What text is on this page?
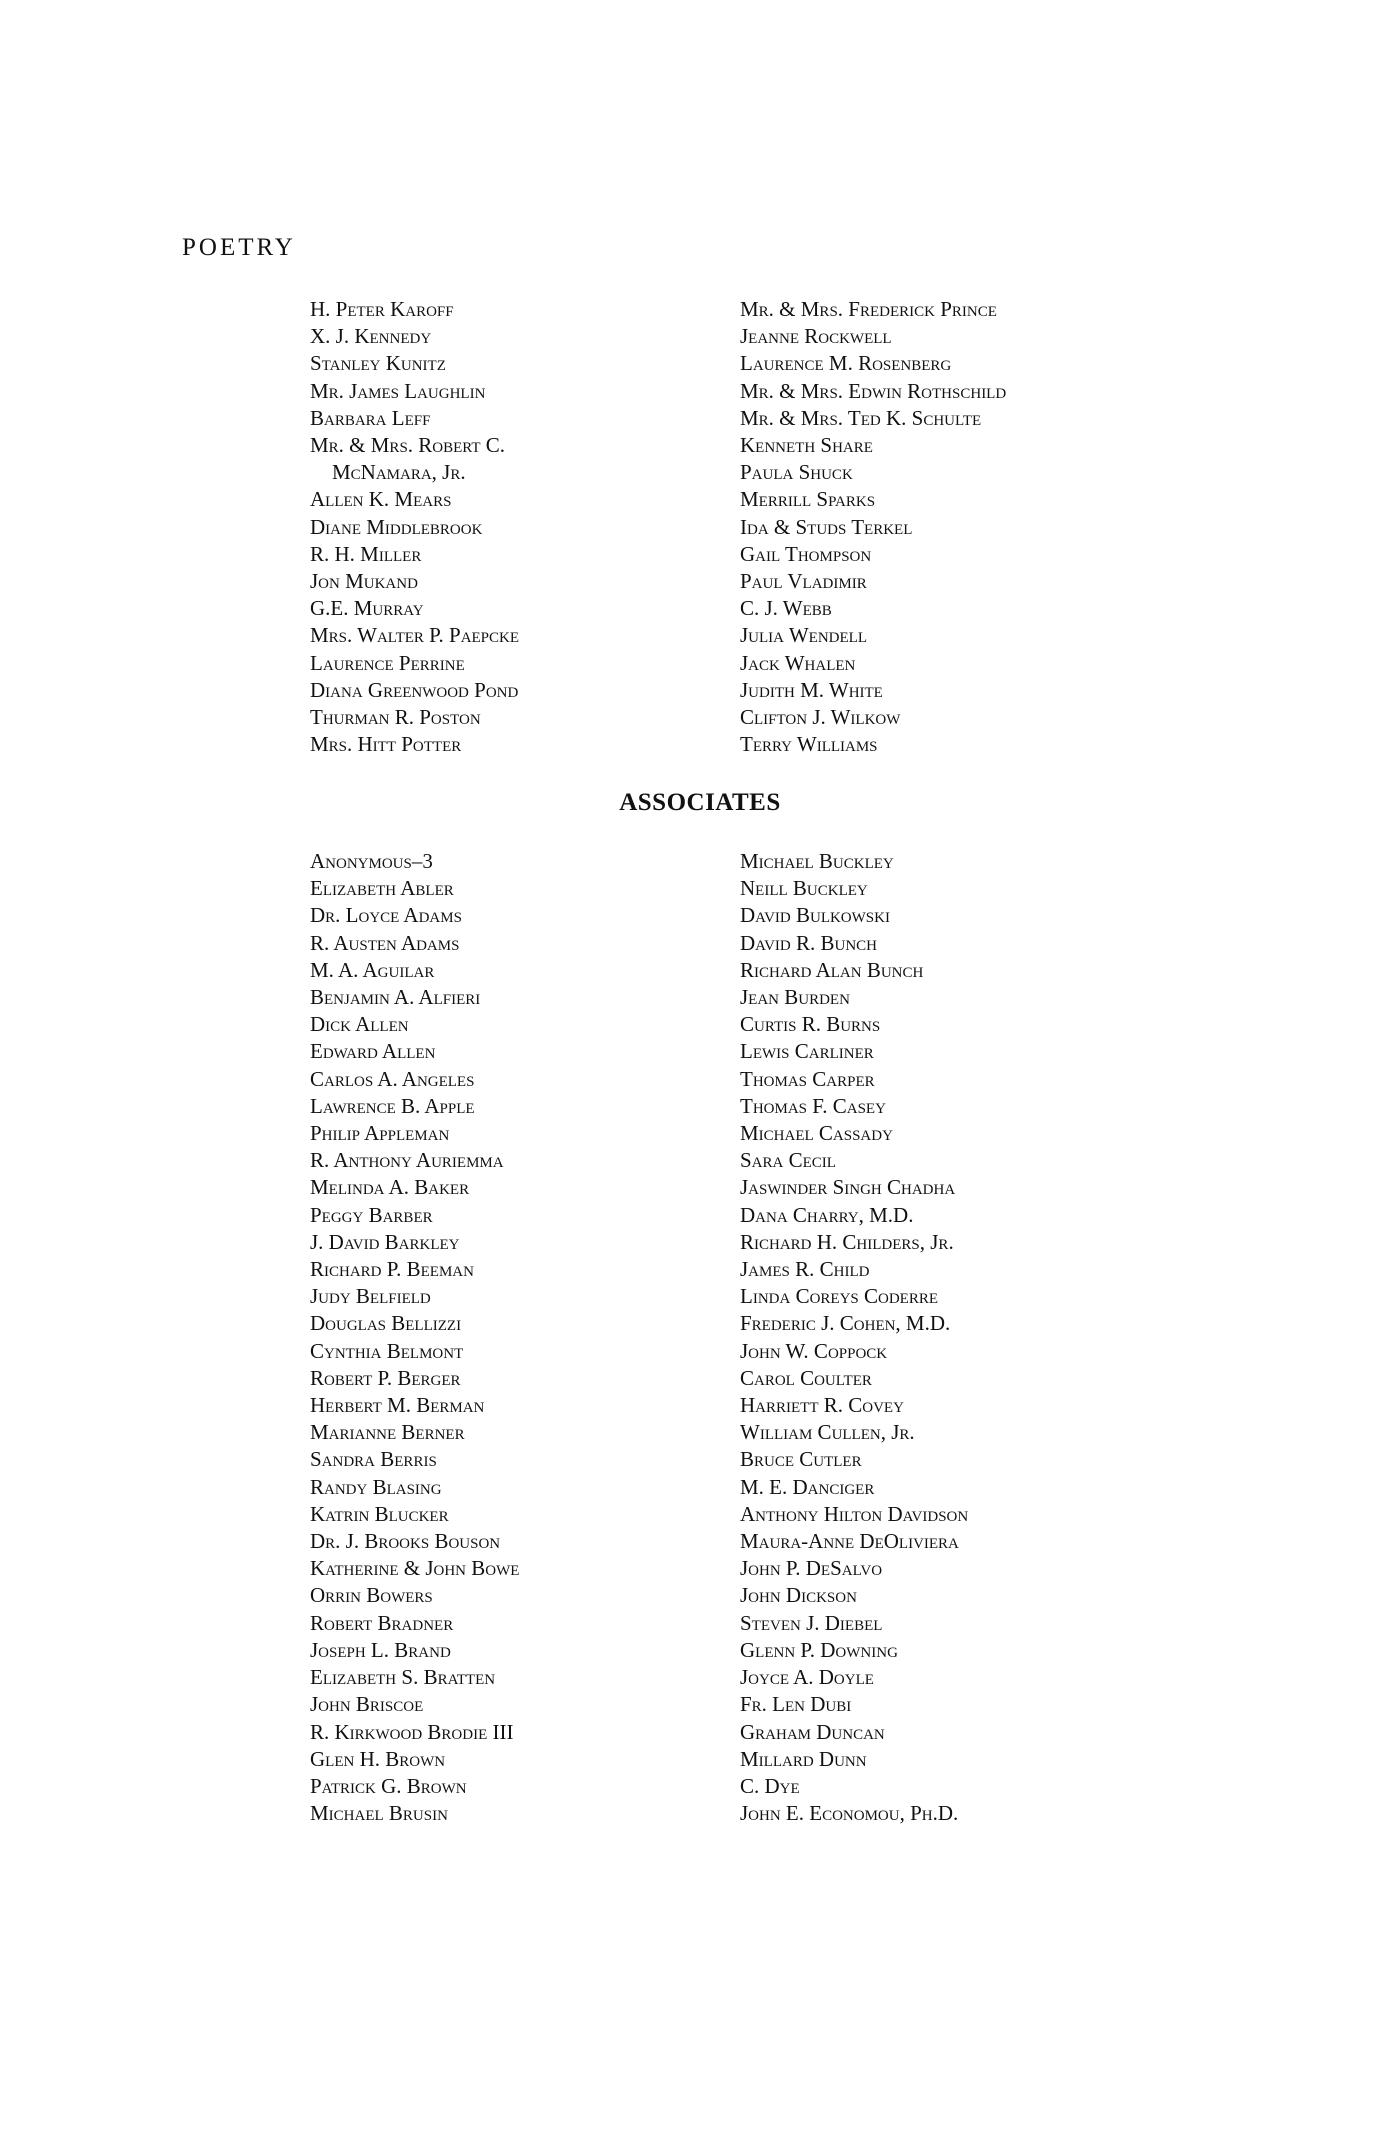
POETRY

H. Peter Karoff
X. J. Kennedy
Stanley Kunitz
Mr. James Laughlin
Barbara Leff
Mr. & Mrs. Robert C.
McNamara, Jr.
Allen K. Mears
Diane Middlebrook
R. H. Miller
Jon Mukand
G.E. Murray
Mrs. Walter P. Paepcke
Laurence Perrine
Diana Greenwood Pond
Thurman R. Poston
Mrs. Hitt Potter
Mr. & Mrs. Frederick Prince
Jeanne Rockwell
Laurence M. Rosenberg
Mr. & Mrs. Edwin Rothschild
Mr. & Mrs. Ted K. Schulte
Kenneth Share
Paula Shuck
Merrill Sparks
Ida & Studs Terkel
Gail Thompson
Paul Vladimir
C. J. Webb
Julia Wendell
Jack Whalen
Judith M. White
Clifton J. Wilkow
Terry Williams
ASSOCIATES
Anonymous–3
Elizabeth Abler
Dr. Loyce Adams
R. Austen Adams
M. A. Aguilar
Benjamin A. Alfieri
Dick Allen
Edward Allen
Carlos A. Angeles
Lawrence B. Apple
Philip Appleman
R. Anthony Auriemma
Melinda A. Baker
Peggy Barber
J. David Barkley
Richard P. Beeman
Judy Belfield
Douglas Bellizzi
Cynthia Belmont
Robert P. Berger
Herbert M. Berman
Marianne Berner
Sandra Berris
Randy Blasing
Katrin Blucker
Dr. J. Brooks Bouson
Katherine & John Bowe
Orrin Bowers
Robert Bradner
Joseph L. Brand
Elizabeth S. Bratten
John Briscoe
R. Kirkwood Brodie III
Glen H. Brown
Patrick G. Brown
Michael Brusin
Michael Buckley
Neill Buckley
David Bulkowski
David R. Bunch
Richard Alan Bunch
Jean Burden
Curtis R. Burns
Lewis Carliner
Thomas Carper
Thomas F. Casey
Michael Cassady
Sara Cecil
Jaswinder Singh Chadha
Dana Charry, M.D.
Richard H. Childers, Jr.
James R. Child
Linda Coreys Coderre
Frederic J. Cohen, M.D.
John W. Coppock
Carol Coulter
Harriett R. Covey
William Cullen, Jr.
Bruce Cutler
M. E. Danciger
Anthony Hilton Davidson
Maura-Anne DeOliviera
John P. DeSalvo
John Dickson
Steven J. Diebel
Glenn P. Downing
Joyce A. Doyle
Fr. Len Dubi
Graham Duncan
Millard Dunn
C. Dye
John E. Economou, Ph.D.
